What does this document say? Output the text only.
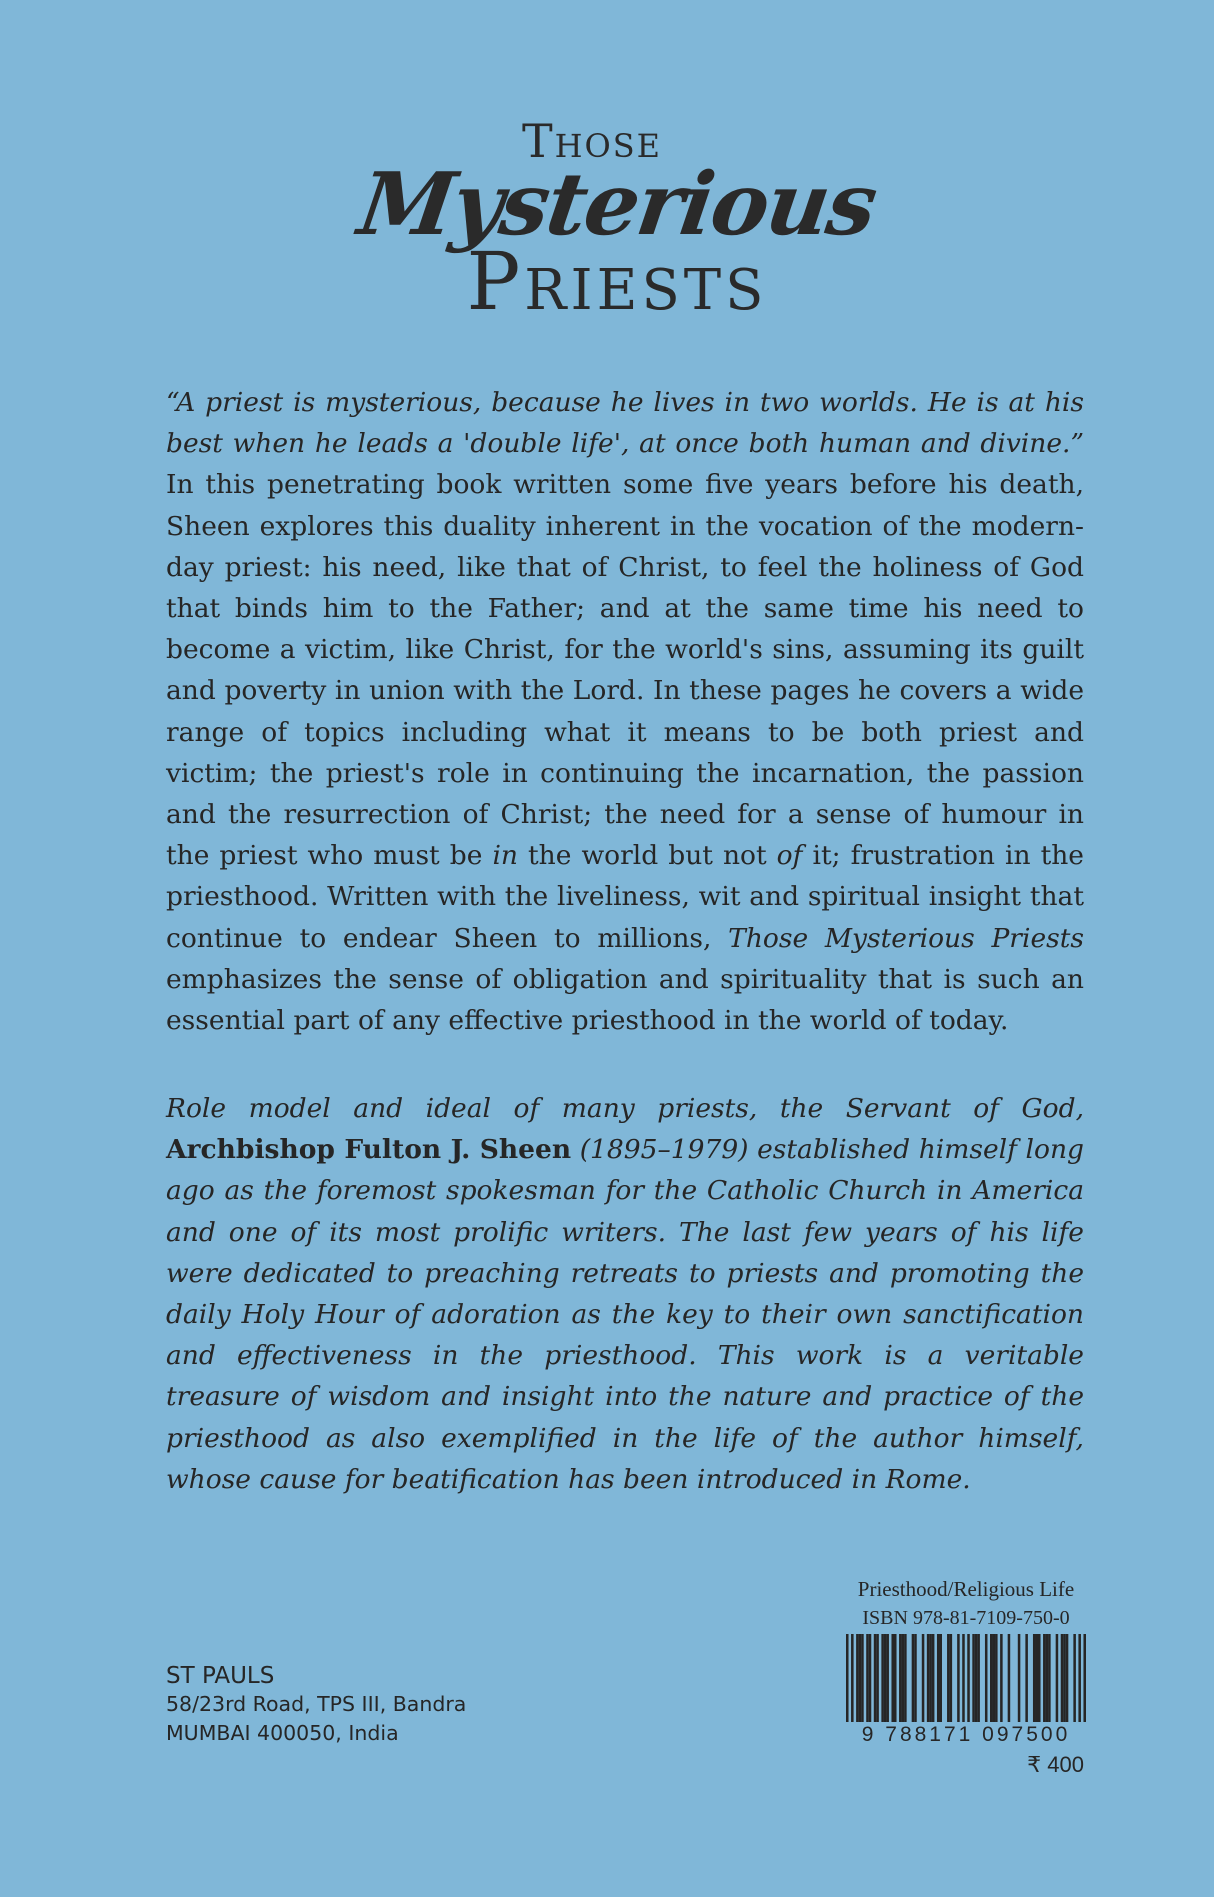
Those
Mysterious
Priests
“A priest is mysterious, because he lives in two worlds. He is at his best when he leads a 'double life', at once both human and divine.” In this penetrating book written some five years before his death, Sheen explores this duality inherent in the vocation of the modern-day priest: his need, like that of Christ, to feel the holiness of God that binds him to the Father; and at the same time his need to become a victim, like Christ, for the world's sins, assuming its guilt and poverty in union with the Lord. In these pages he covers a wide range of topics including what it means to be both priest and victim; the priest's role in continuing the incarnation, the passion and the resurrection of Christ; the need for a sense of humour in the priest who must be in the world but not of it; frustration in the priesthood. Written with the liveliness, wit and spiritual insight that continue to endear Sheen to millions, Those Mysterious Priests emphasizes the sense of obligation and spirituality that is such an essential part of any effective priesthood in the world of today.
Role model and ideal of many priests, the Servant of God, Archbishop Fulton J. Sheen (1895–1979) established himself long ago as the foremost spokesman for the Catholic Church in America and one of its most prolific writers. The last few years of his life were dedicated to preaching retreats to priests and promoting the daily Holy Hour of adoration as the key to their own sanctification and effectiveness in the priesthood. This work is a veritable treasure of wisdom and insight into the nature and practice of the priesthood as also exemplified in the life of the author himself, whose cause for beatification has been introduced in Rome.
ST PAULS
58/23rd Road, TPS III, Bandra
MUMBAI 400050, India
Priesthood/Religious Life
ISBN 978-81-7109-750-0
9 788171 097500
₹ 400
